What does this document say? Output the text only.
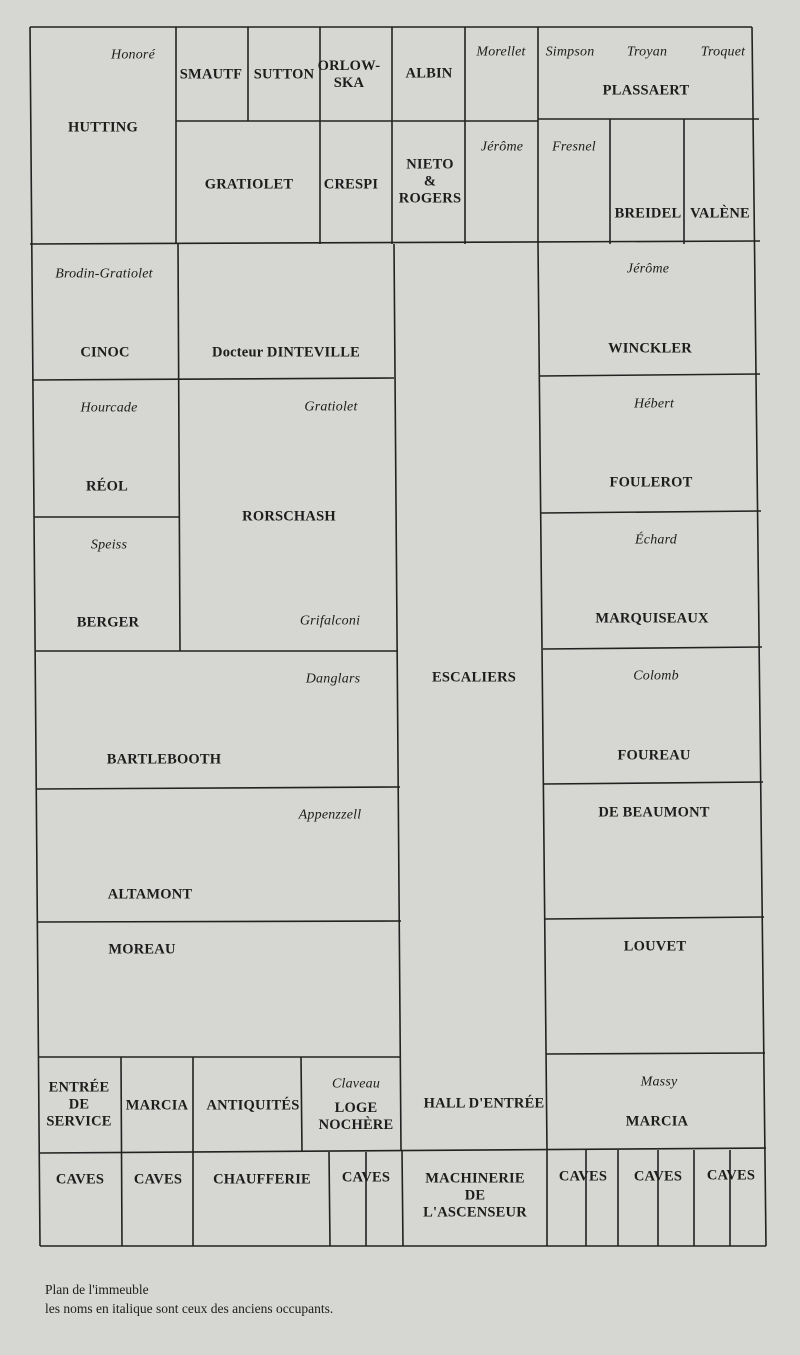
Honoré
HUTTING
SMAUTF SUTTON
ORLOW-
SKA
ALBIN
Morellet Simpson Troyan Troquet
PLASSAERT
GRATIOLET CRESPI
NIETO
&
ROGERS
Jérôme Fresnel
BREIDEL VALÈNE
Brodin-Gratiolet
CINOC	Docteur DINTEVILLE
Hourcade
RÉOL
Speiss
BERGER
Gratiolet
RORSCHASH
Grifalconi
Danglars
BARTLEBOOTH
Appenzzell
ALTAMONT
MOREAU
ESCALIERS
HALL D'ENTRÉE
Jérôme
WINCKLER
Hébert
FOULEROT
Échard
MARQUISEAUX
Colomb
FOUREAU
DE BEAUMONT
LOUVET
Massy
MARCIA
ENTRÉE
DE
SERVICE
MARCIA ANTIQUITÉS
Claveau
LOGE
NOCHÈRE
CAVES CAVES CHAUFFERIE CAVES MACHINERIE
DE
L'ASCENSEUR
CAVES CAVES CAVES
Plan de l'immeuble
les noms en italique sont ceux des anciens occupants.
